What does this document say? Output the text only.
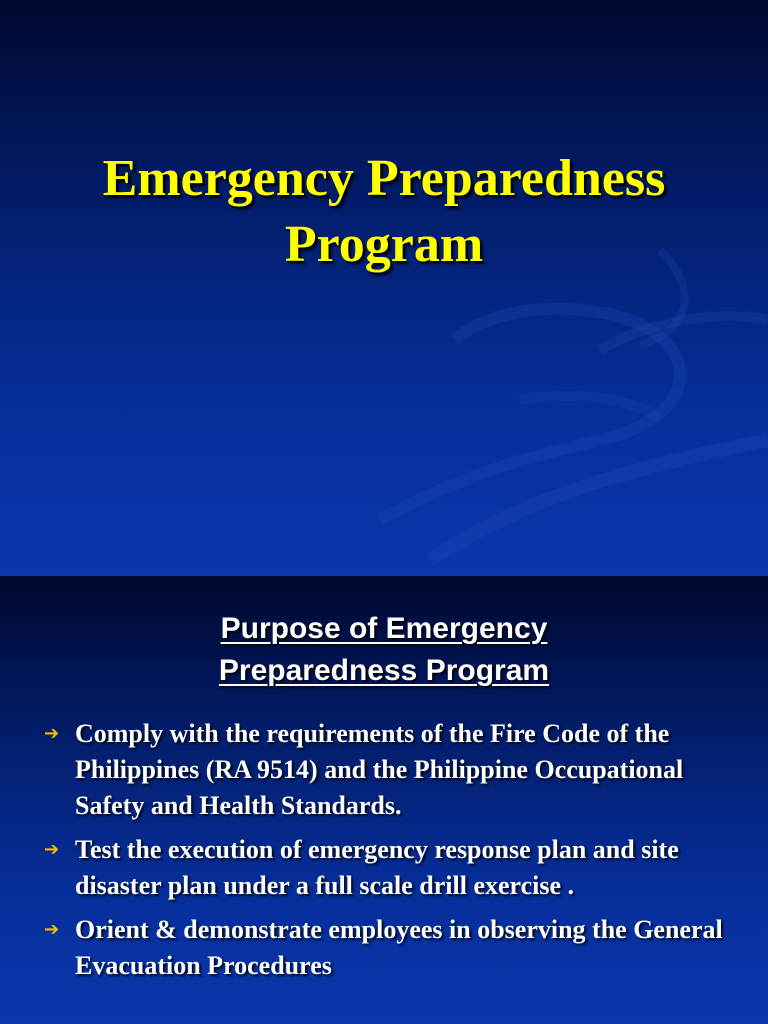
Emergency Preparedness
Program
Purpose of Emergency
Preparedness Program
➔ Comply with the requirements of the Fire Code of the Philippines (RA 9514) and the Philippine Occupational Safety and Health Standards.
➔ Test the execution of emergency response plan and site disaster plan under a full scale drill exercise .
➔ Orient & demonstrate employees in observing the General Evacuation Procedures
